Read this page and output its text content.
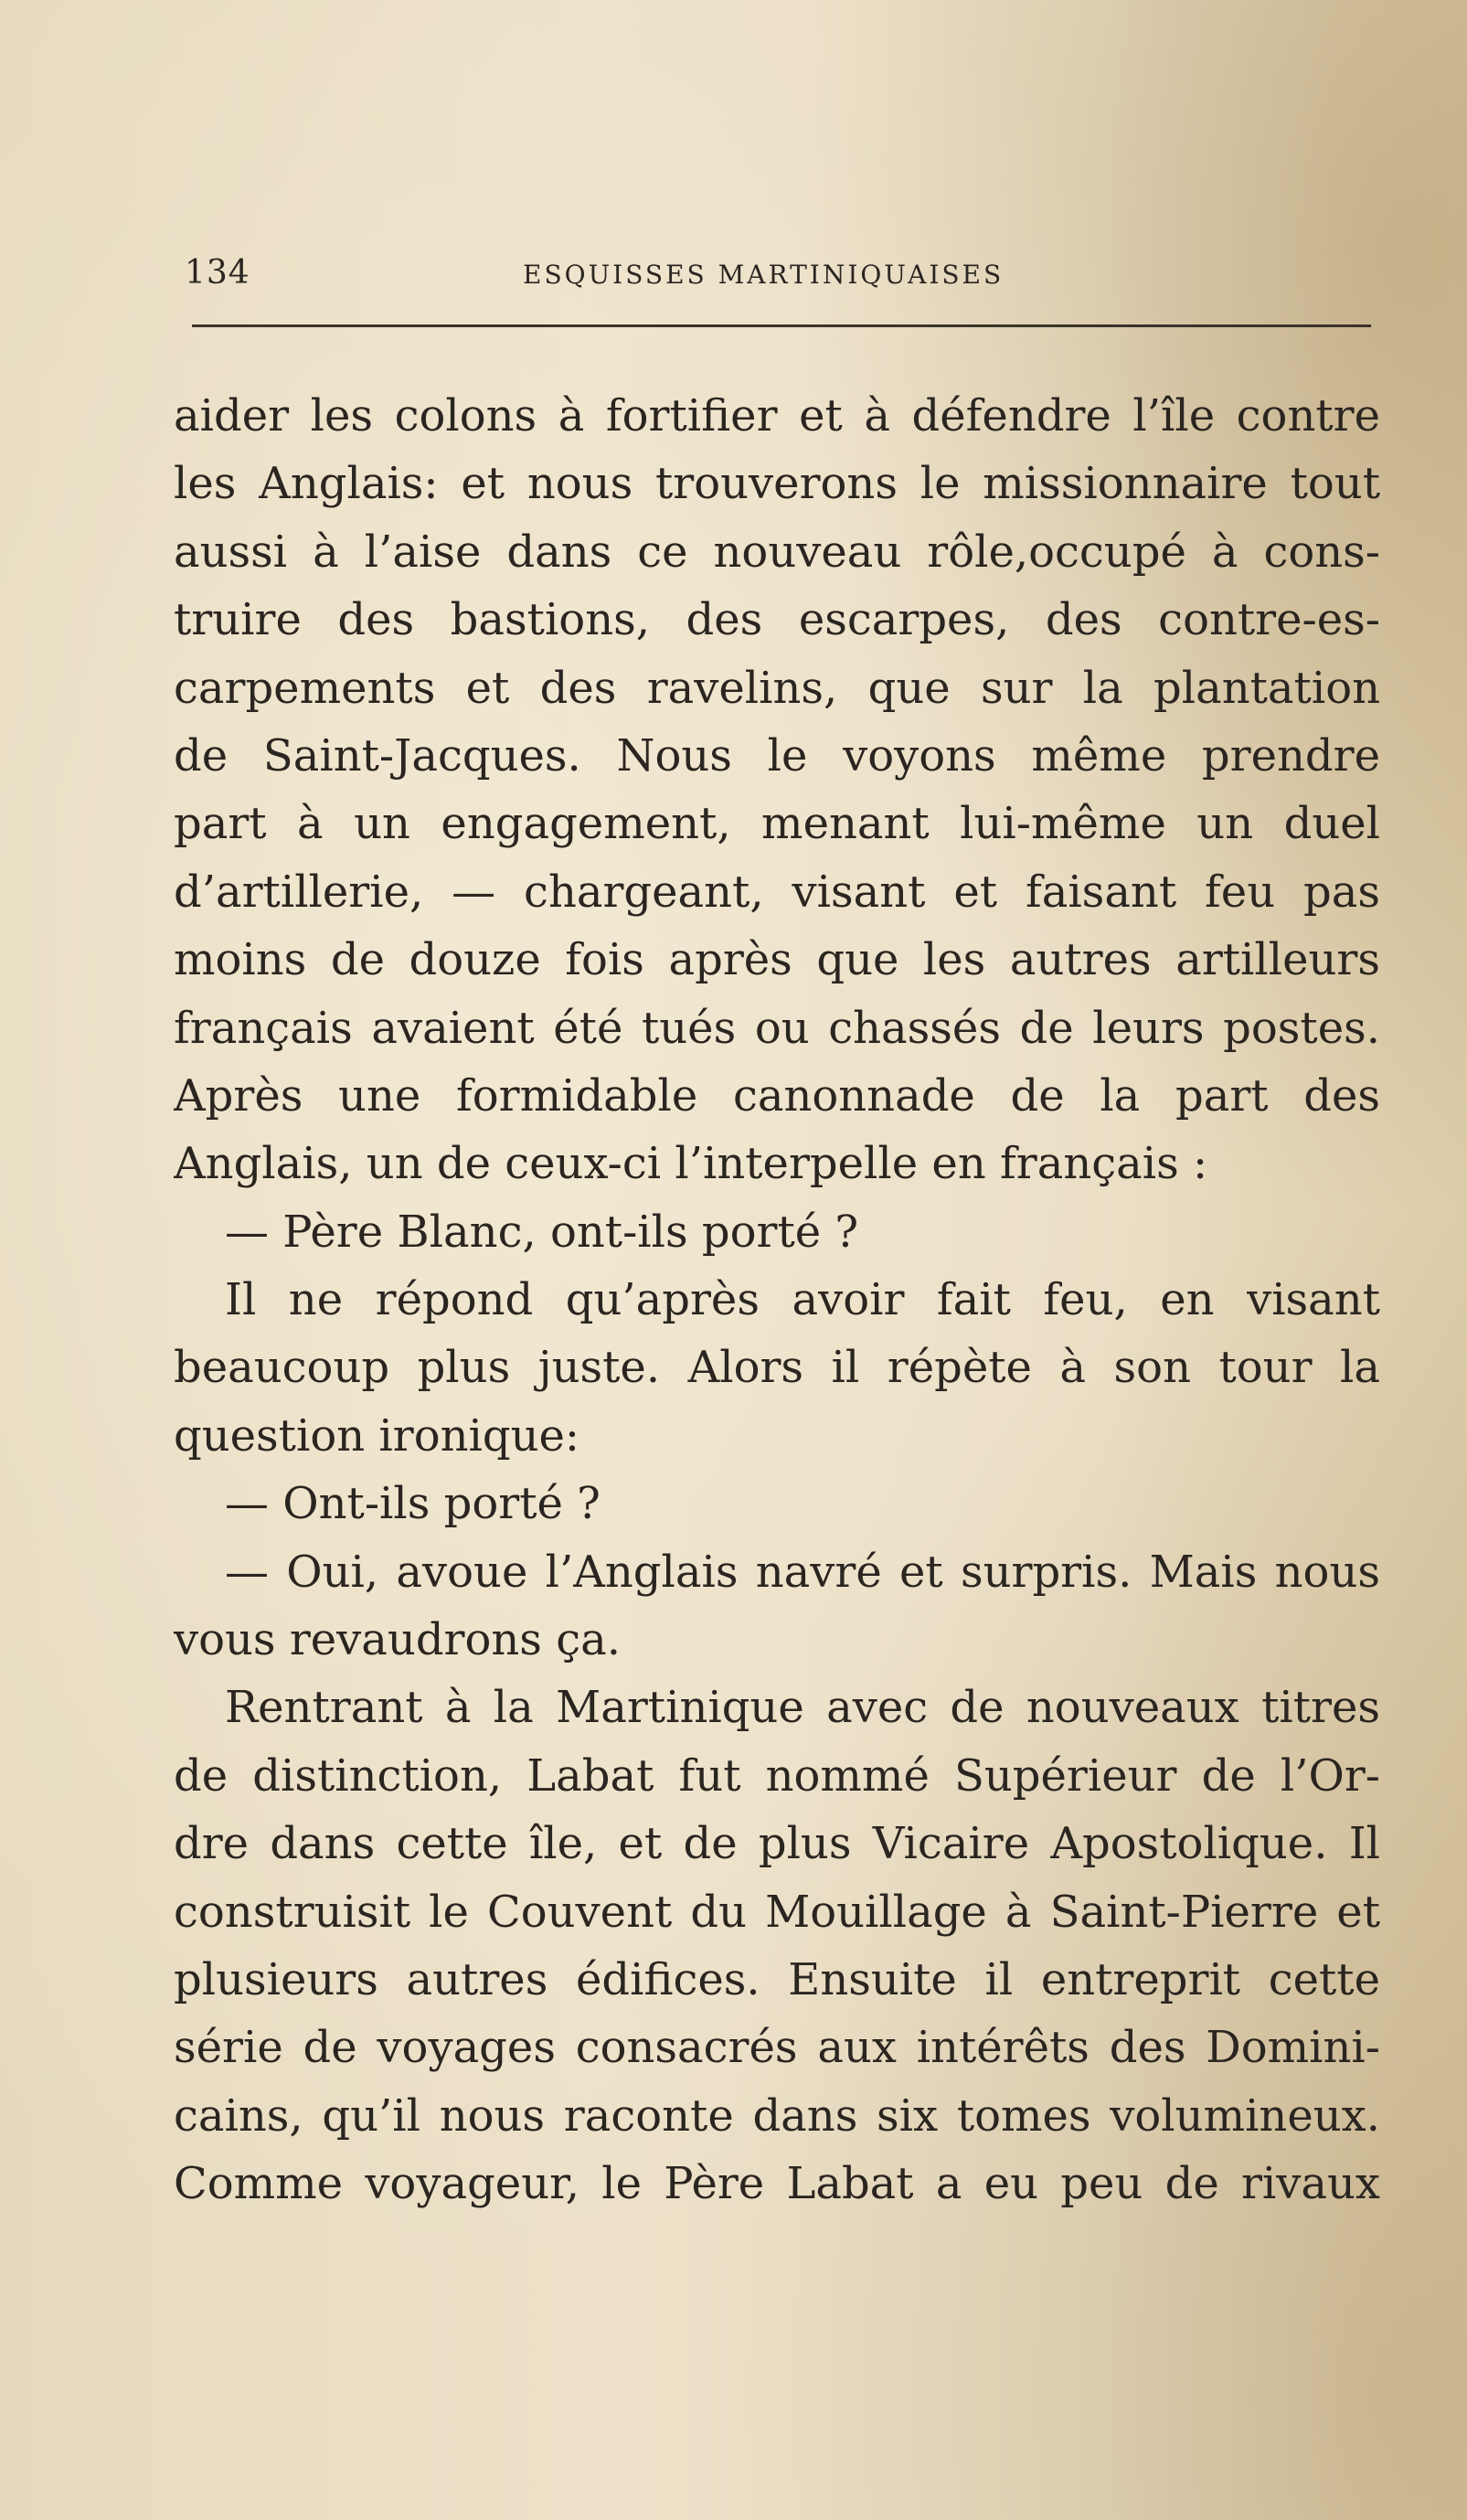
134	ESQUISSES MARTINIQUAISES
aider les colons à fortifier et à défendre l’île contre
les Anglais: et nous trouverons le missionnaire tout
aussi à l’aise dans ce nouveau rôle,occupé à cons-
truire des bastions, des escarpes, des contre-es-
carpements et des ravelins, que sur la plantation
de Saint-Jacques. Nous le voyons même prendre
part à un engagement, menant lui-même un duel
d’artillerie, — chargeant, visant et faisant feu pas
moins de douze fois après que les autres artilleurs
français avaient été tués ou chassés de leurs postes.
Après une formidable canonnade de la part des
Anglais, un de ceux-ci l’interpelle en français :
— Père Blanc, ont-ils porté ?
Il ne répond qu’après avoir fait feu, en visant
beaucoup plus juste. Alors il répète à son tour la
question ironique:
— Ont-ils porté ?
— Oui, avoue l’Anglais navré et surpris. Mais nous
vous revaudrons ça.
Rentrant à la Martinique avec de nouveaux titres
de distinction, Labat fut nommé Supérieur de l’Or-
dre dans cette île, et de plus Vicaire Apostolique. Il
construisit le Couvent du Mouillage à Saint-Pierre et
plusieurs autres édifices. Ensuite il entreprit cette
série de voyages consacrés aux intérêts des Domini-
cains, qu’il nous raconte dans six tomes volumineux.
Comme voyageur, le Père Labat a eu peu de rivaux
